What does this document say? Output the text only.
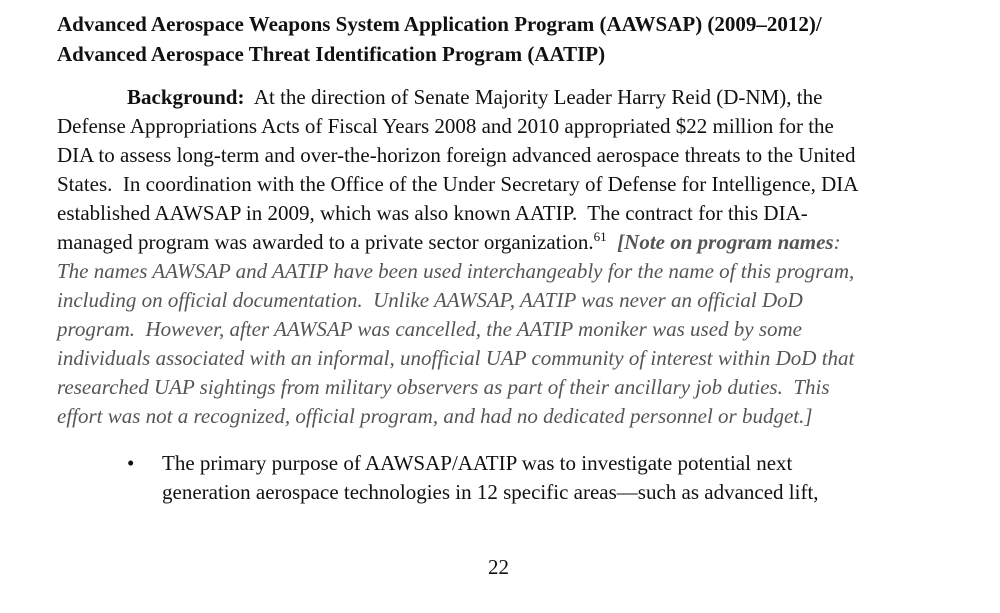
Advanced Aerospace Weapons System Application Program (AAWSAP) (2009–2012)/
Advanced Aerospace Threat Identification Program (AATIP)
Background:  At the direction of Senate Majority Leader Harry Reid (D-NM), the
Defense Appropriations Acts of Fiscal Years 2008 and 2010 appropriated $22 million for the
DIA to assess long-term and over-the-horizon foreign advanced aerospace threats to the United
States.  In coordination with the Office of the Under Secretary of Defense for Intelligence, DIA
established AAWSAP in 2009, which was also known AATIP.  The contract for this DIA-
managed program was awarded to a private sector organization.$^{61}$ [Note on program names:
The names AAWSAP and AATIP have been used interchangeably for the name of this program,
including on official documentation.  Unlike AAWSAP, AATIP was never an official DoD
program.  However, after AAWSAP was cancelled, the AATIP moniker was used by some
individuals associated with an informal, unofficial UAP community of interest within DoD that
researched UAP sightings from military observers as part of their ancillary job duties.  This
effort was not a recognized, official program, and had no dedicated personnel or budget.]
•	The primary purpose of AAWSAP/AATIP was to investigate potential next
generation aerospace technologies in 12 specific areas—such as advanced lift,
22
